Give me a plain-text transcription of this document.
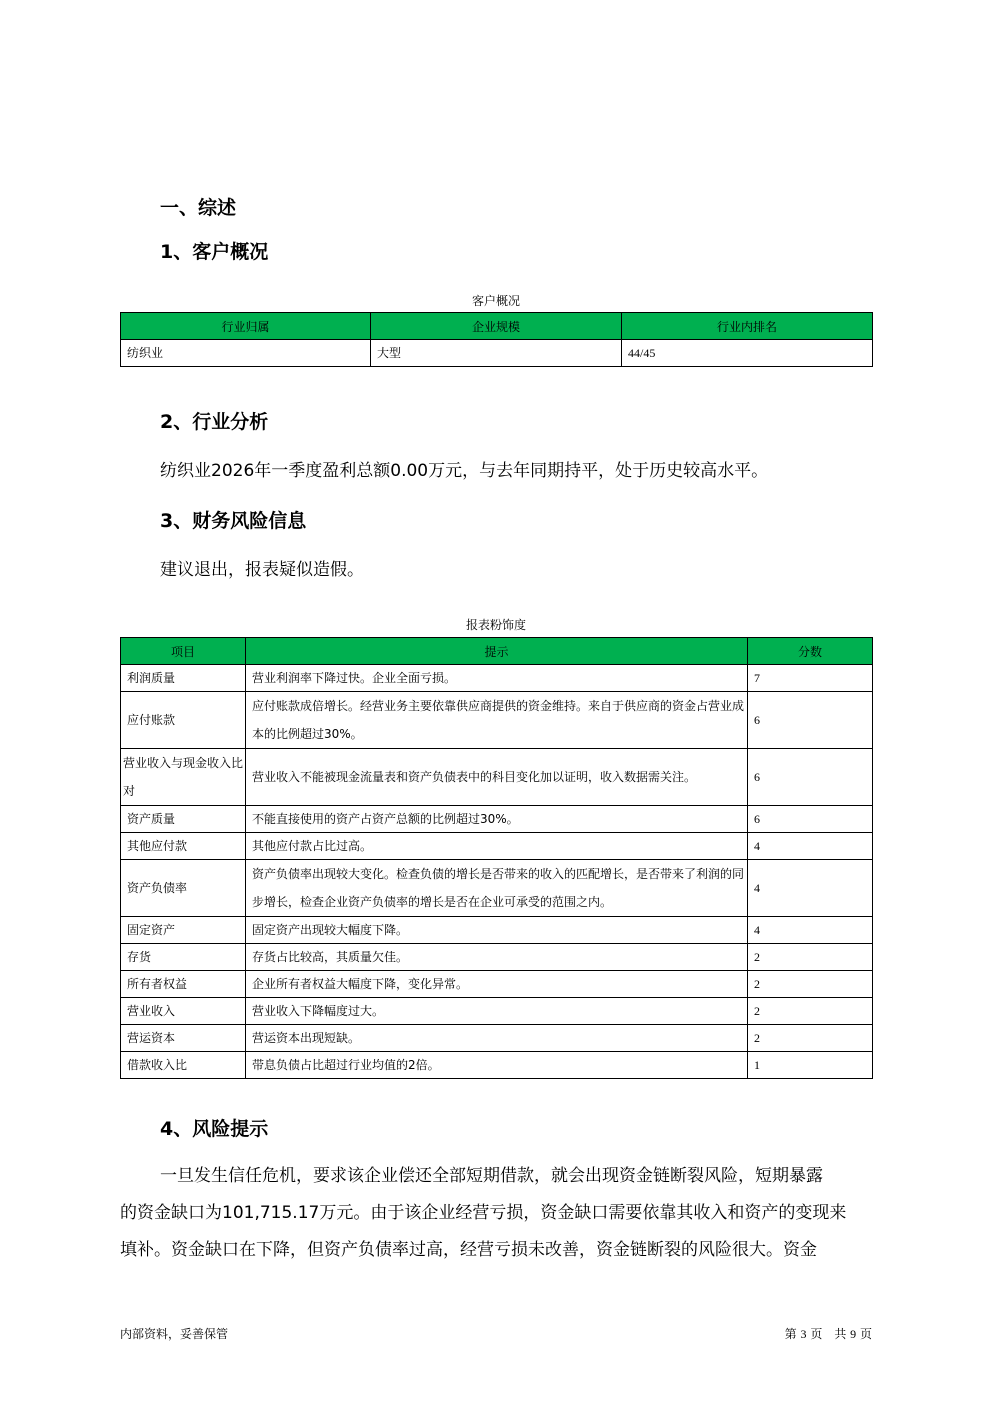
一、综述
1、客户概况
客户概况
行业归属	企业规模	行业内排名
纺织业	大型	44/45
2、行业分析
纺织业2026年一季度盈利总额0.00万元，与去年同期持平，处于历史较高水平。
3、财务风险信息
建议退出，报表疑似造假。
报表粉饰度
项目	提示	分数
利润质量	营业利润率下降过快。企业全面亏损。	7
应付账款	应付账款成倍增长。经营业务主要依靠供应商提供的资金维持。来自于供应商的资金占营业成本的比例超过30%。	6
营业收入与现金收入比对	营业收入不能被现金流量表和资产负债表中的科目变化加以证明，收入数据需关注。	6
资产质量	不能直接使用的资产占资产总额的比例超过30%。	6
其他应付款	其他应付款占比过高。	4
资产负债率	资产负债率出现较大变化。检查负债的增长是否带来的收入的匹配增长，是否带来了利润的同步增长，检查企业资产负债率的增长是否在企业可承受的范围之内。	4
固定资产	固定资产出现较大幅度下降。	4
存货	存货占比较高，其质量欠佳。	2
所有者权益	企业所有者权益大幅度下降，变化异常。	2
营业收入	营业收入下降幅度过大。	2
营运资本	营运资本出现短缺。	2
借款收入比	带息负债占比超过行业均值的2倍。	1
4、风险提示
一旦发生信任危机，要求该企业偿还全部短期借款，就会出现资金链断裂风险，短期暴露
的资金缺口为101,715.17万元。由于该企业经营亏损，资金缺口需要依靠其收入和资产的变现来
填补。资金缺口在下降，但资产负债率过高，经营亏损未改善，资金链断裂的风险很大。资金
内部资料，妥善保管	第 3 页　共 9 页
